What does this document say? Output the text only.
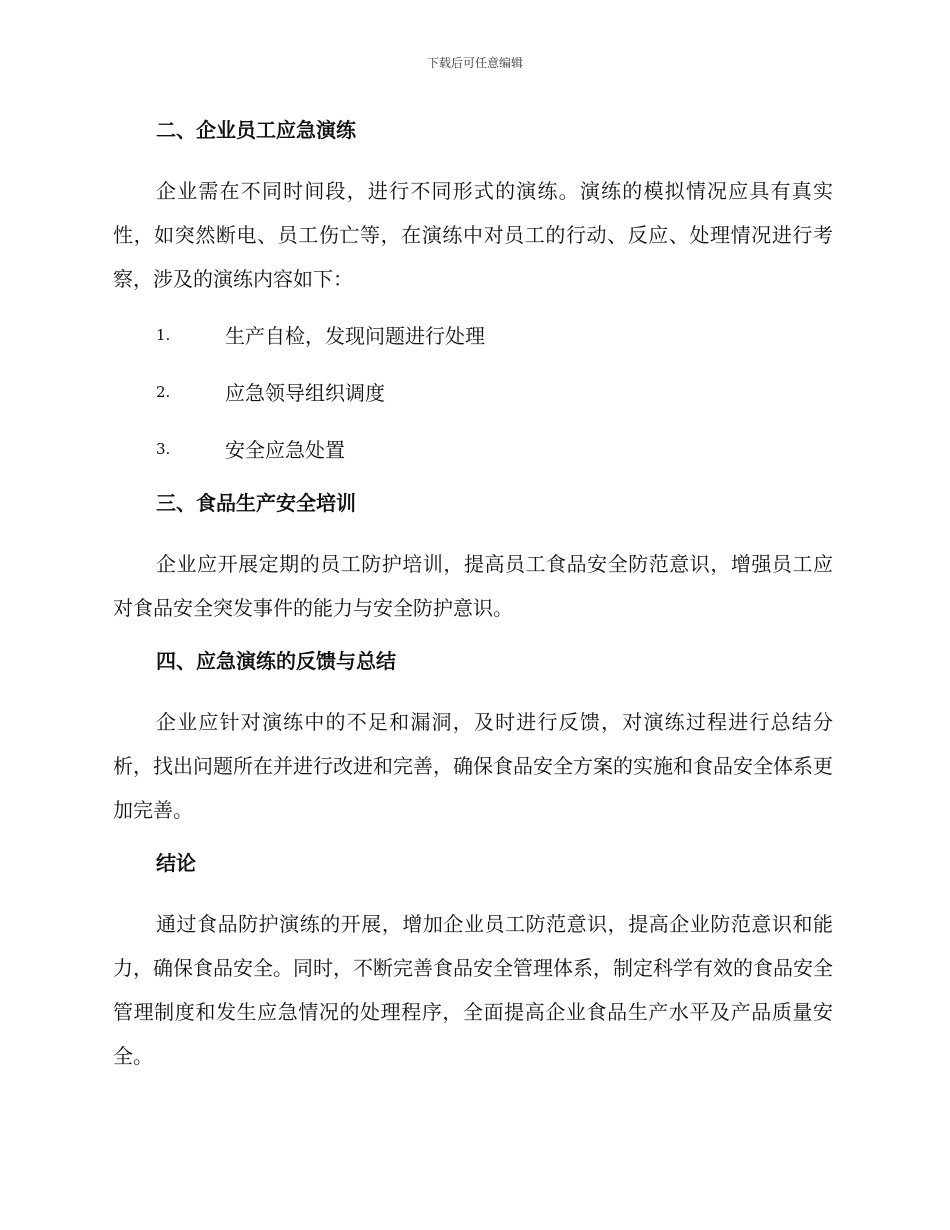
下载后可任意编辑
二、企业员工应急演练
企业需在不同时间段，进行不同形式的演练。演练的模拟情况应具有真实性，如突然断电、员工伤亡等，在演练中对员工的行动、反应、处理情况进行考察，涉及的演练内容如下：
1.	生产自检，发现问题进行处理
2.	应急领导组织调度
3.	安全应急处置
三、食品生产安全培训
企业应开展定期的员工防护培训，提高员工食品安全防范意识，增强员工应对食品安全突发事件的能力与安全防护意识。
四、应急演练的反馈与总结
企业应针对演练中的不足和漏洞，及时进行反馈，对演练过程进行总结分析，找出问题所在并进行改进和完善，确保食品安全方案的实施和食品安全体系更加完善。
结论
通过食品防护演练的开展，增加企业员工防范意识，提高企业防范意识和能力，确保食品安全。同时，不断完善食品安全管理体系，制定科学有效的食品安全管理制度和发生应急情况的处理程序，全面提高企业食品生产水平及产品质量安全。
